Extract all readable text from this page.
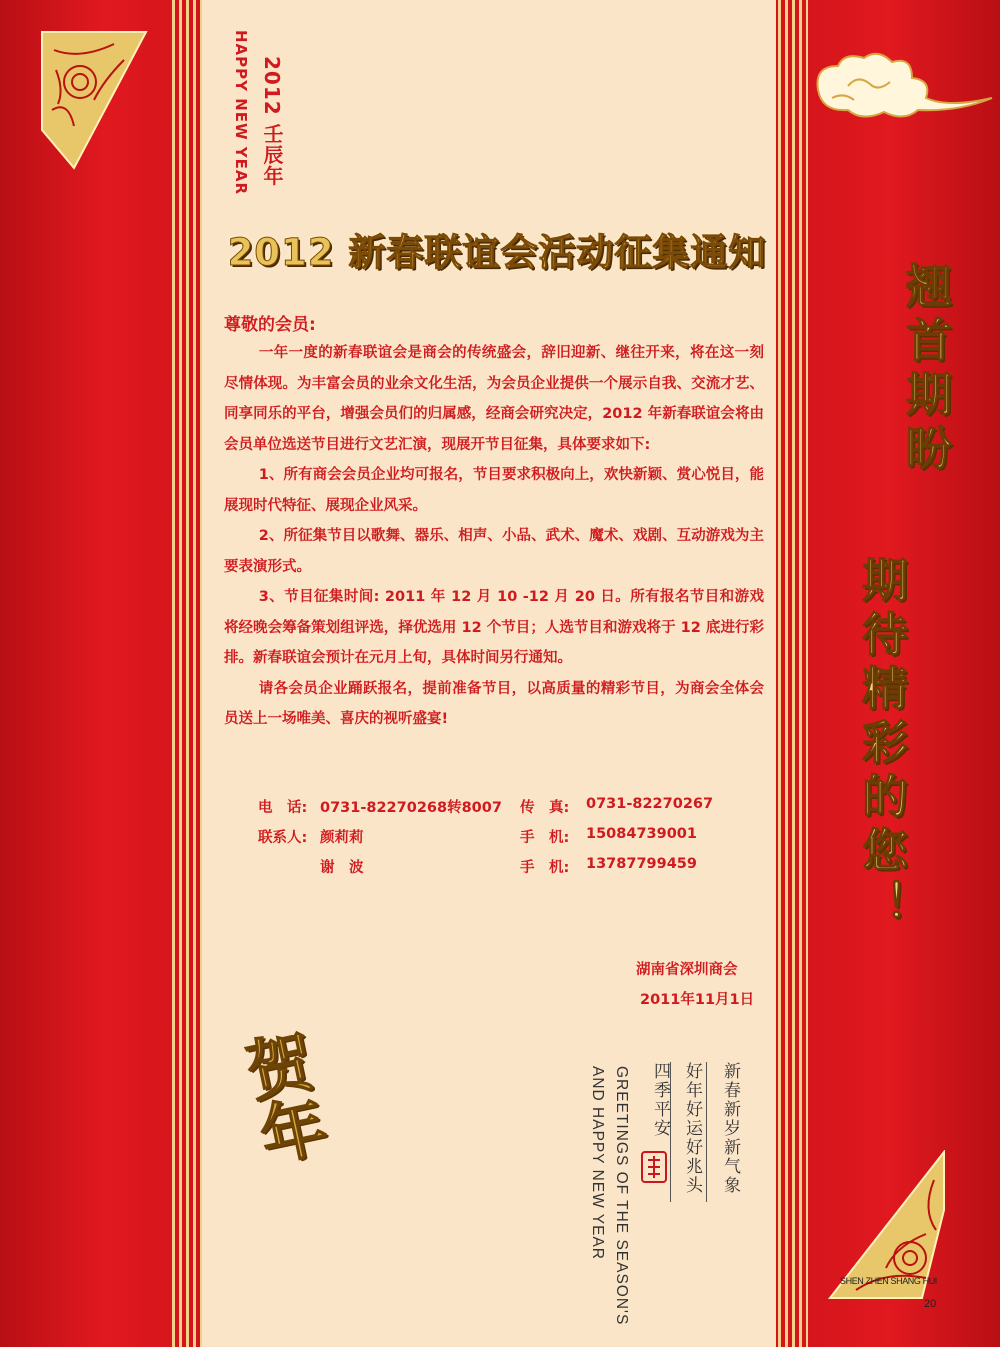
2012 壬辰年
HAPPY NEW YEAR
2012 新春联谊会活动征集通知
尊敬的会员:

一年一度的新春联谊会是商会的传统盛会，辞旧迎新、继往开来，将在这一刻尽情体现。为丰富会员的业余文化生活，为会员企业提供一个展示自我、交流才艺、同享同乐的平台，增强会员们的归属感，经商会研究决定，2012 年新春联谊会将由会员单位选送节目进行文艺汇演，现展开节目征集，具体要求如下:

1、所有商会会员企业均可报名，节目要求积极向上，欢快新颖、赏心悦目，能展现时代特征、展现企业风采。

2、所征集节目以歌舞、器乐、相声、小品、武术、魔术、戏剧、互动游戏为主要表演形式。

3、节目征集时间: 2011 年 12 月 10 -12 月 20 日。所有报名节目和游戏将经晚会筹备策划组评选，择优选用 12 个节目；人选节目和游戏将于 12 底进行彩排。新春联谊会预计在元月上旬，具体时间另行通知。

请各会员企业踊跃报名，提前准备节目，以高质量的精彩节目，为商会全体会员送上一场唯美、喜庆的视听盛宴!

电　话: 0731-82270268转8007 传　真: 0731-82270267
联系人: 颜莉莉	手　机: 15084739001
谢　波	手　机: 13787799459
湖南省深圳商会
2011年11月1日
翘首期盼
期待精彩的您！
贺年	新春新岁新气象
好年好运好兆头
四季平安
GREETINGS OF THE SEASON'S
AND HAPPY NEW YEAR
SHEN ZHEN SHANG HUI
20
